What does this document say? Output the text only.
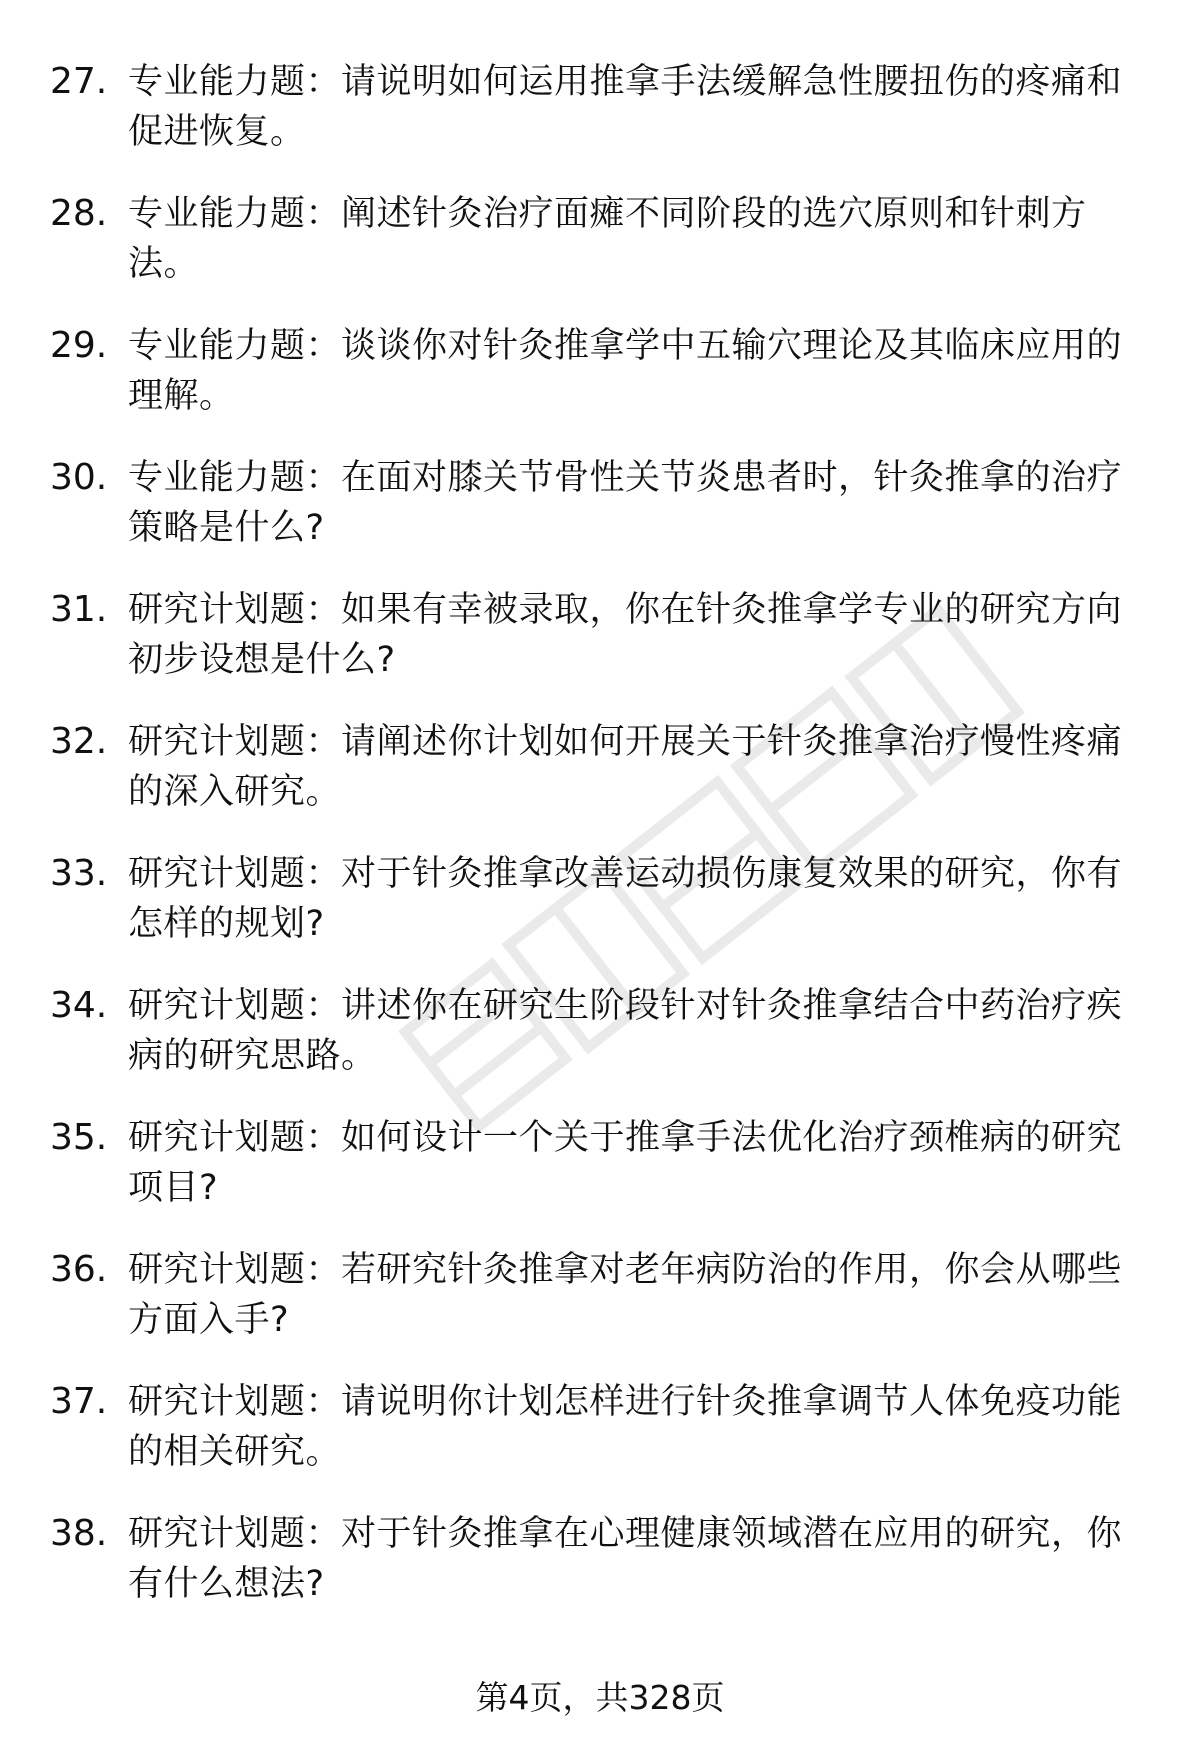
27. 专业能力题：请说明如何运用推拿手法缓解急性腰扭伤的疼痛和促进恢复。
28. 专业能力题：阐述针灸治疗面瘫不同阶段的选穴原则和针刺方法。
29. 专业能力题：谈谈你对针灸推拿学中五输穴理论及其临床应用的理解。
30. 专业能力题：在面对膝关节骨性关节炎患者时，针灸推拿的治疗策略是什么?
31. 研究计划题：如果有幸被录取，你在针灸推拿学专业的研究方向初步设想是什么?
32. 研究计划题：请阐述你计划如何开展关于针灸推拿治疗慢性疼痛的深入研究。
33. 研究计划题：对于针灸推拿改善运动损伤康复效果的研究，你有怎样的规划?
34. 研究计划题：讲述你在研究生阶段针对针灸推拿结合中药治疗疾病的研究思路。
35. 研究计划题：如何设计一个关于推拿手法优化治疗颈椎病的研究项目?
36. 研究计划题：若研究针灸推拿对老年病防治的作用，你会从哪些方面入手?
37. 研究计划题：请说明你计划怎样进行针灸推拿调节人体免疫功能的相关研究。
38. 研究计划题：对于针灸推拿在心理健康领域潜在应用的研究，你有什么想法?
第4页，共328页
